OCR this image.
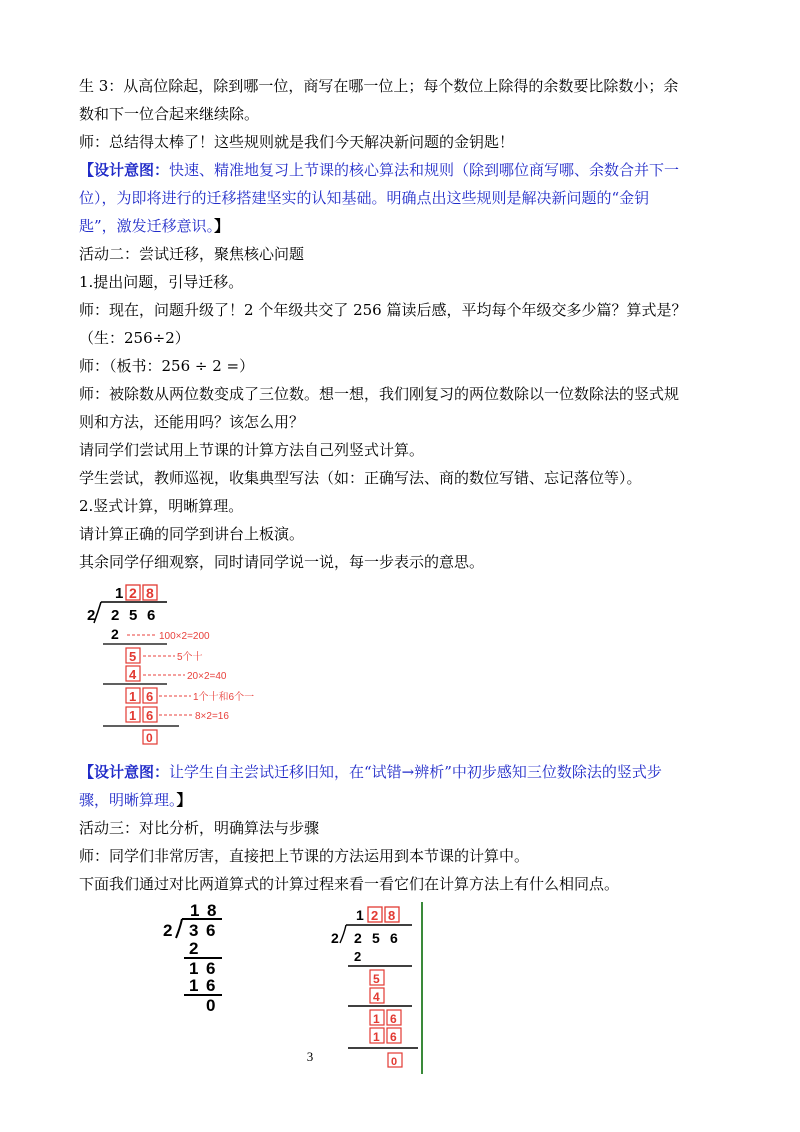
生 3：从高位除起，除到哪一位，商写在哪一位上；每个数位上除得的余数要比除数小；余
数和下一位合起来继续除。
师：总结得太棒了！这些规则就是我们今天解决新问题的金钥匙！
【设计意图：快速、精准地复习上节课的核心算法和规则（除到哪位商写哪、余数合并下一
位），为即将进行的迁移搭建坚实的认知基础。明确点出这些规则是解决新问题的“金钥
匙”，激发迁移意识。】
活动二：尝试迁移，聚焦核心问题
1.提出问题，引导迁移。
师：现在，问题升级了！2 个年级共交了 256 篇读后感，平均每个年级交多少篇？算式是？
（生：256÷2）
师：（板书：256 ÷ 2 =）
师：被除数从两位数变成了三位数。想一想，我们刚复习的两位数除以一位数除法的竖式规
则和方法，还能用吗？该怎么用？
请同学们尝试用上节课的计算方法自己列竖式计算。
学生尝试，教师巡视，收集典型写法（如：正确写法、商的数位写错、忘记落位等）。
2.竖式计算，明晰算理。
请计算正确的同学到讲台上板演。
其余同学仔细观察，同时请同学说一说，每一步表示的意思。
1 2 8
2 2 5 6
2	100×2=200
5	5个十
4	20×2=40
1 6	1个十和6个一
1 6	8×2=16
0
【设计意图：让学生自主尝试迁移旧知，在“试错→辨析”中初步感知三位数除法的竖式步
骤，明晰算理。】
活动三：对比分析，明确算法与步骤
师：同学们非常厉害，直接把上节课的方法运用到本节课的计算中。
下面我们通过对比两道算式的计算过程来看一看它们在计算方法上有什么相同点。
1 8
2 3 6
2
1 6
1 6
0
1 2 8
2 2 5 6
2
5
4
1 6
1 6
0
3
